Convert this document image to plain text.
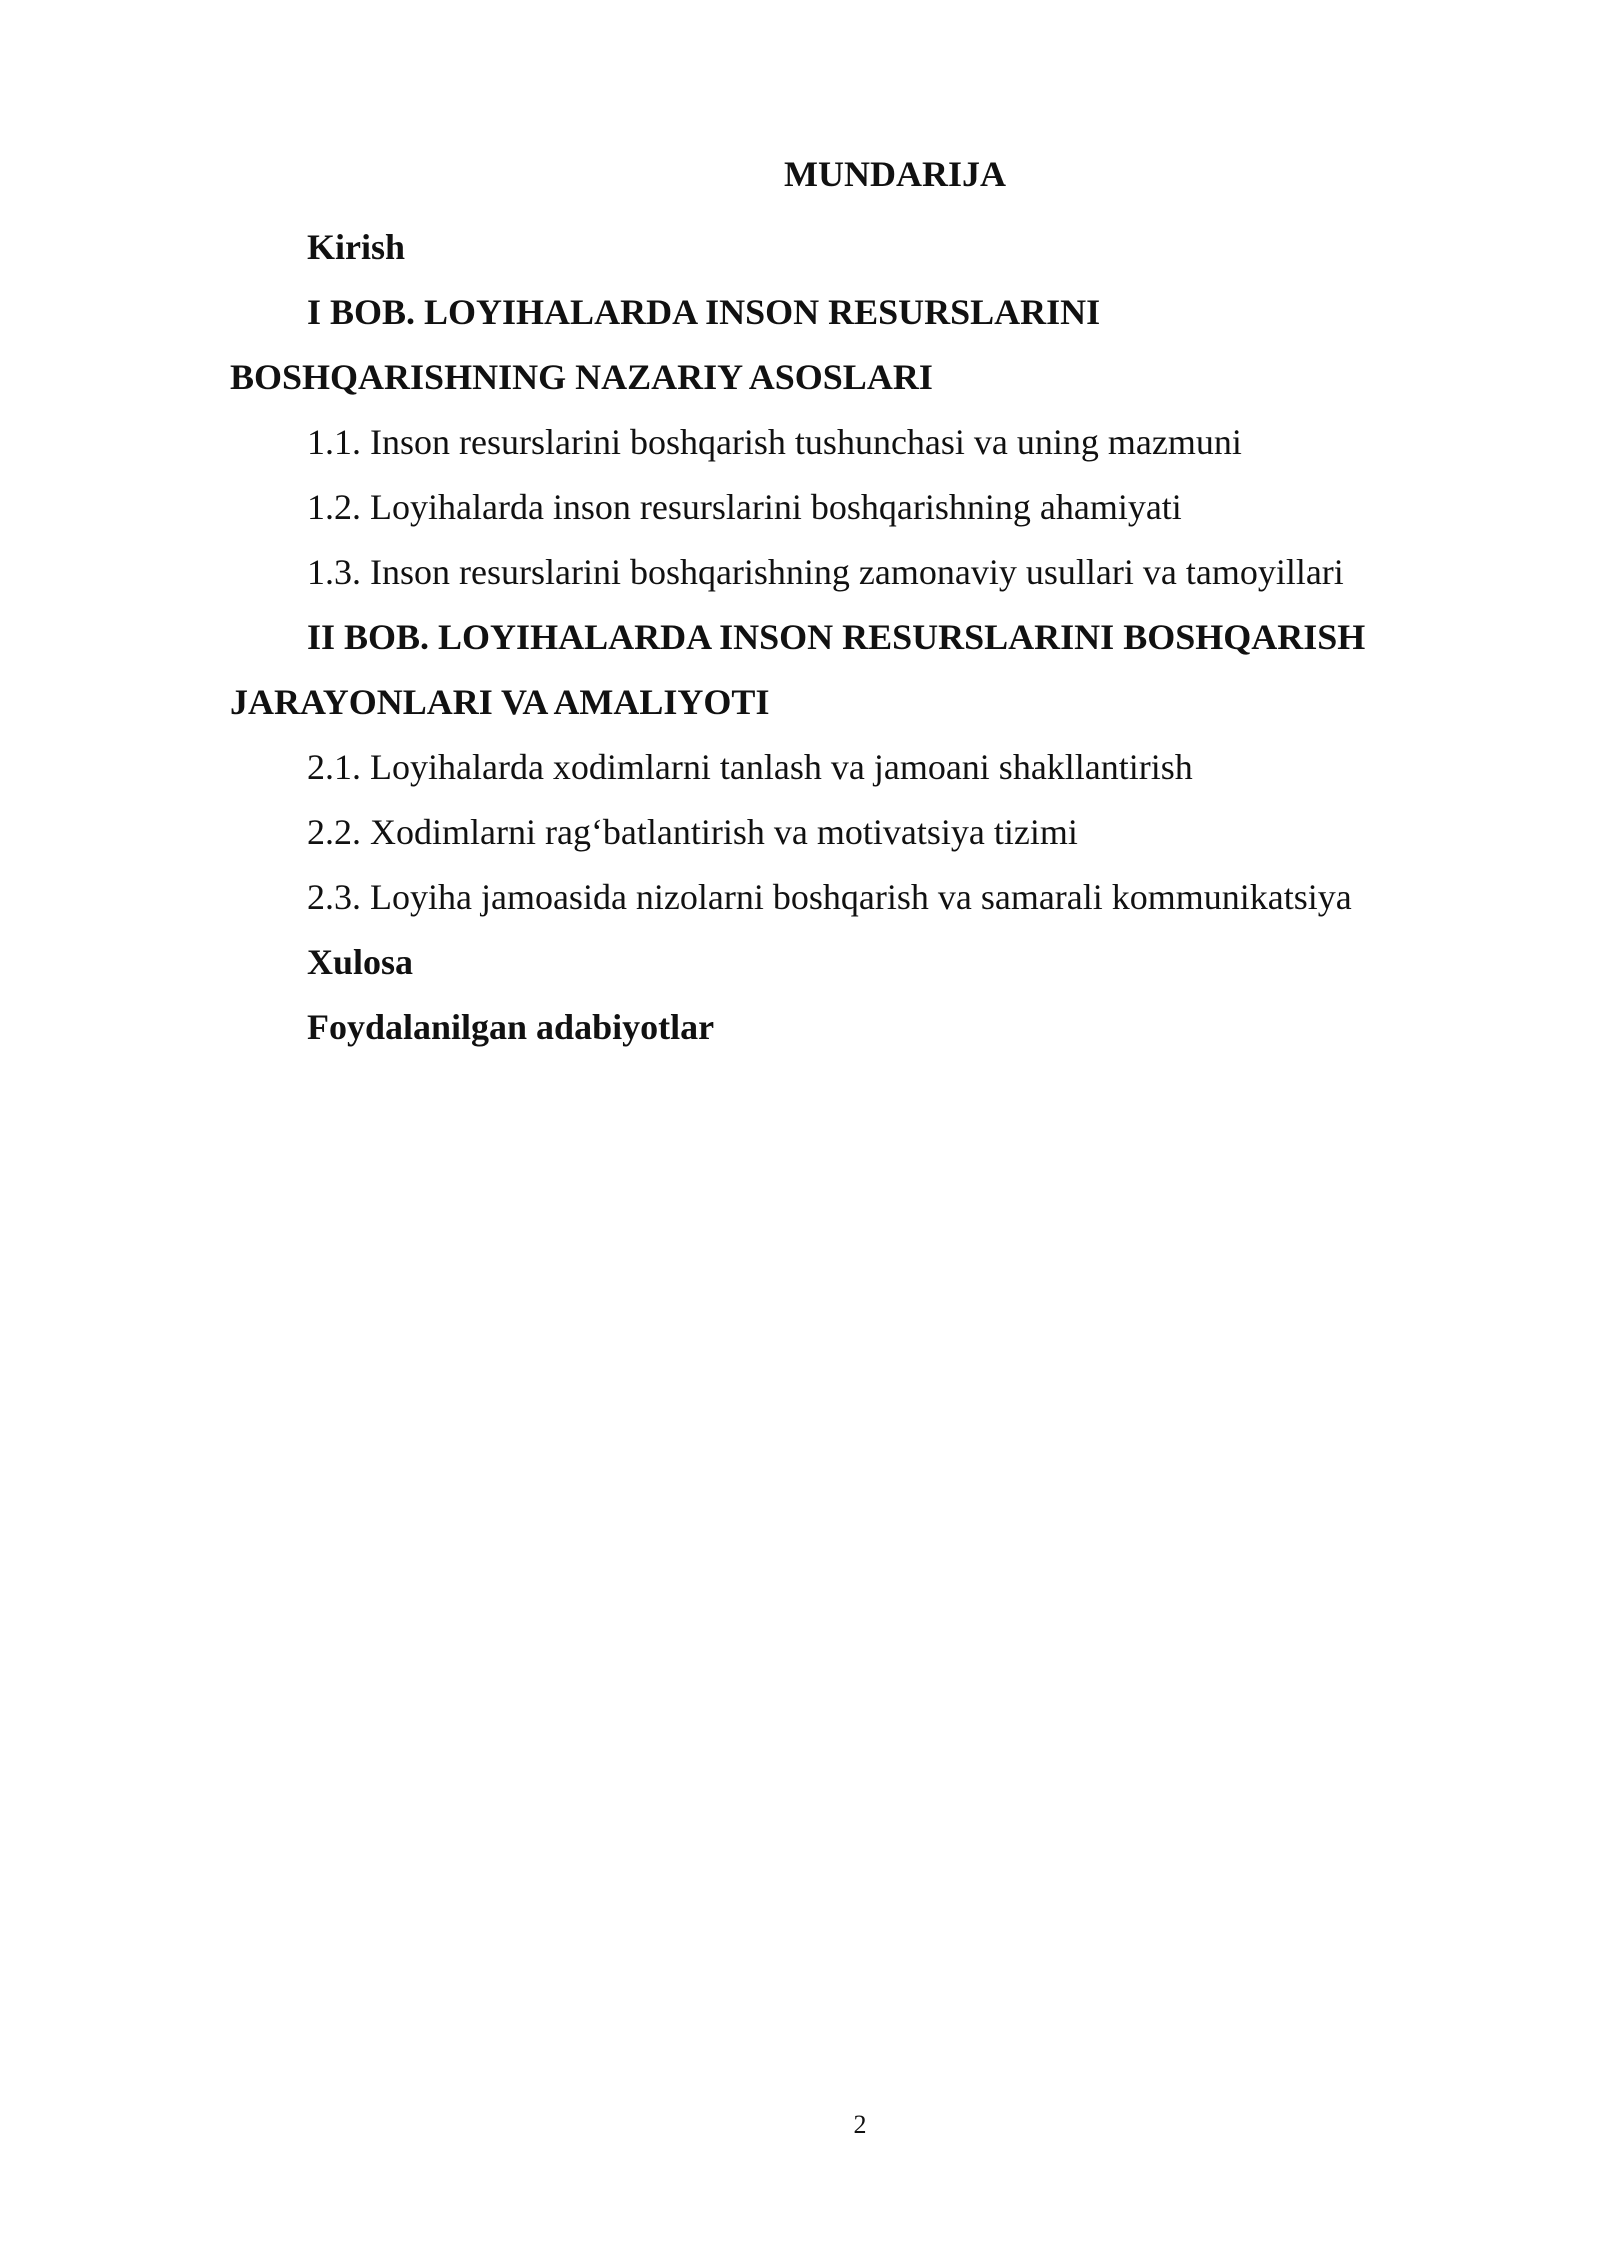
MUNDARIJA
Kirish
I BOB. LOYIHALARDA INSON RESURSLARINI
BOSHQARISHNING NAZARIY ASOSLARI
1.1. Inson resurslarini boshqarish tushunchasi va uning mazmuni
1.2. Loyihalarda inson resurslarini boshqarishning ahamiyati
1.3. Inson resurslarini boshqarishning zamonaviy usullari va tamoyillari
II BOB. LOYIHALARDA INSON RESURSLARINI BOSHQARISH
JARAYONLARI VA AMALIYOTI
2.1. Loyihalarda xodimlarni tanlash va jamoani shakllantirish
2.2. Xodimlarni rag‘batlantirish va motivatsiya tizimi
2.3. Loyiha jamoasida nizolarni boshqarish va samarali kommunikatsiya
Xulosa
Foydalanilgan adabiyotlar
2
